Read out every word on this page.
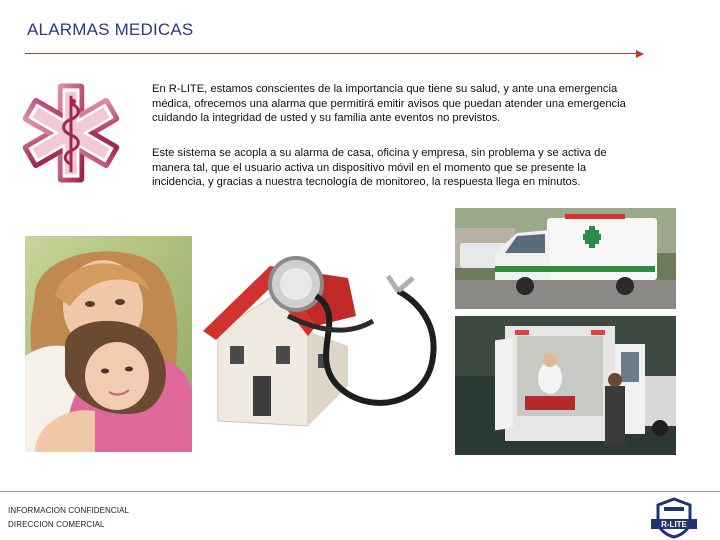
ALARMAS MEDICAS

En R-LITE, estamos conscientes de la importancia que tiene su salud, y ante una emergencia médica, ofrecemos una alarma que permitirá emitir avisos que puedan atender una emergencia cuidando la integridad de usted y su familia ante eventos no previstos.

Este sistema se acopla a su alarma de casa, oficina y empresa, sin problema y se activa de manera tal, que el usuario activa un dispositivo móvil en el momento que se presente la incidencia, y gracias a nuestra tecnología de monitoreo, la respuesta llega en minutos.

INFORMACION CONFIDENCIAL
DIRECCION COMERCIAL	R-LITE
